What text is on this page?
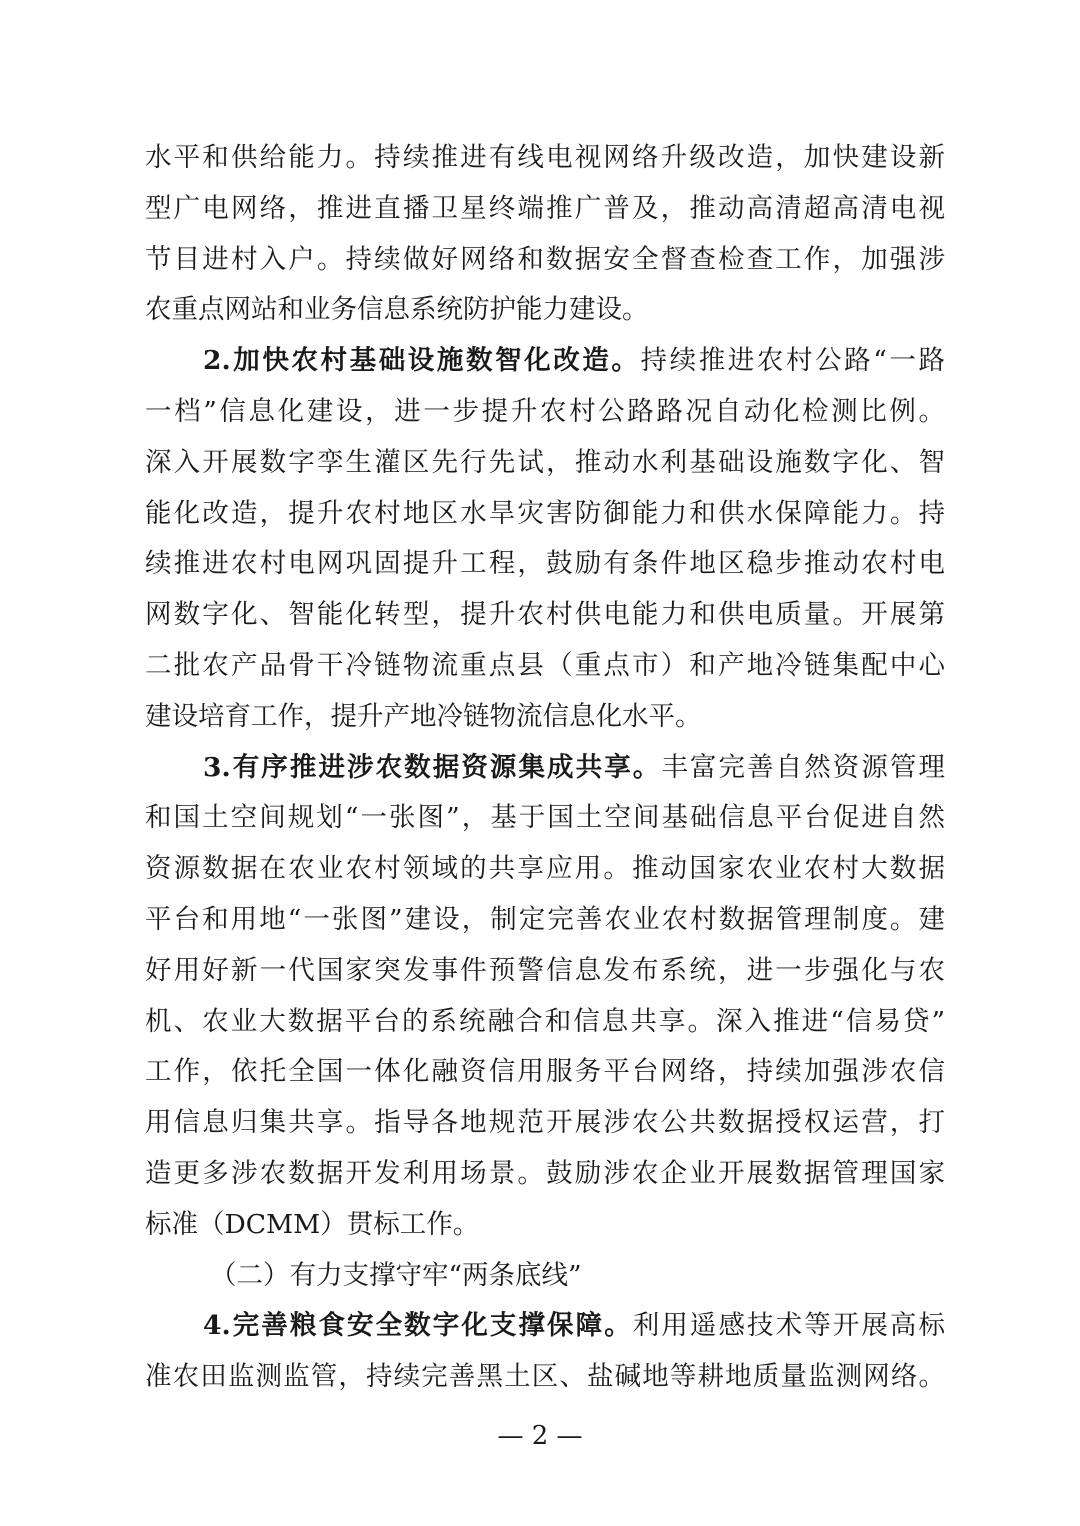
水平和供给能力。持续推进有线电视网络升级改造，加快建设新
型广电网络，推进直播卫星终端推广普及，推动高清超高清电视
节目进村入户。持续做好网络和数据安全督查检查工作，加强涉
农重点网站和业务信息系统防护能力建设。
2.加快农村基础设施数智化改造。持续推进农村公路“一路
一档”信息化建设，进一步提升农村公路路况自动化检测比例。
深入开展数字孪生灌区先行先试，推动水利基础设施数字化、智
能化改造，提升农村地区水旱灾害防御能力和供水保障能力。持
续推进农村电网巩固提升工程，鼓励有条件地区稳步推动农村电
网数字化、智能化转型，提升农村供电能力和供电质量。开展第
二批农产品骨干冷链物流重点县（重点市）和产地冷链集配中心
建设培育工作，提升产地冷链物流信息化水平。
3.有序推进涉农数据资源集成共享。丰富完善自然资源管理
和国土空间规划“一张图”，基于国土空间基础信息平台促进自然
资源数据在农业农村领域的共享应用。推动国家农业农村大数据
平台和用地“一张图”建设，制定完善农业农村数据管理制度。建
好用好新一代国家突发事件预警信息发布系统，进一步强化与农
机、农业大数据平台的系统融合和信息共享。深入推进“信易贷”
工作，依托全国一体化融资信用服务平台网络，持续加强涉农信
用信息归集共享。指导各地规范开展涉农公共数据授权运营，打
造更多涉农数据开发利用场景。鼓励涉农企业开展数据管理国家
标准（DCMM）贯标工作。
（二）有力支撑守牢“两条底线”
4.完善粮食安全数字化支撑保障。利用遥感技术等开展高标
准农田监测监管，持续完善黑土区、盐碱地等耕地质量监测网络。
— 2 —
